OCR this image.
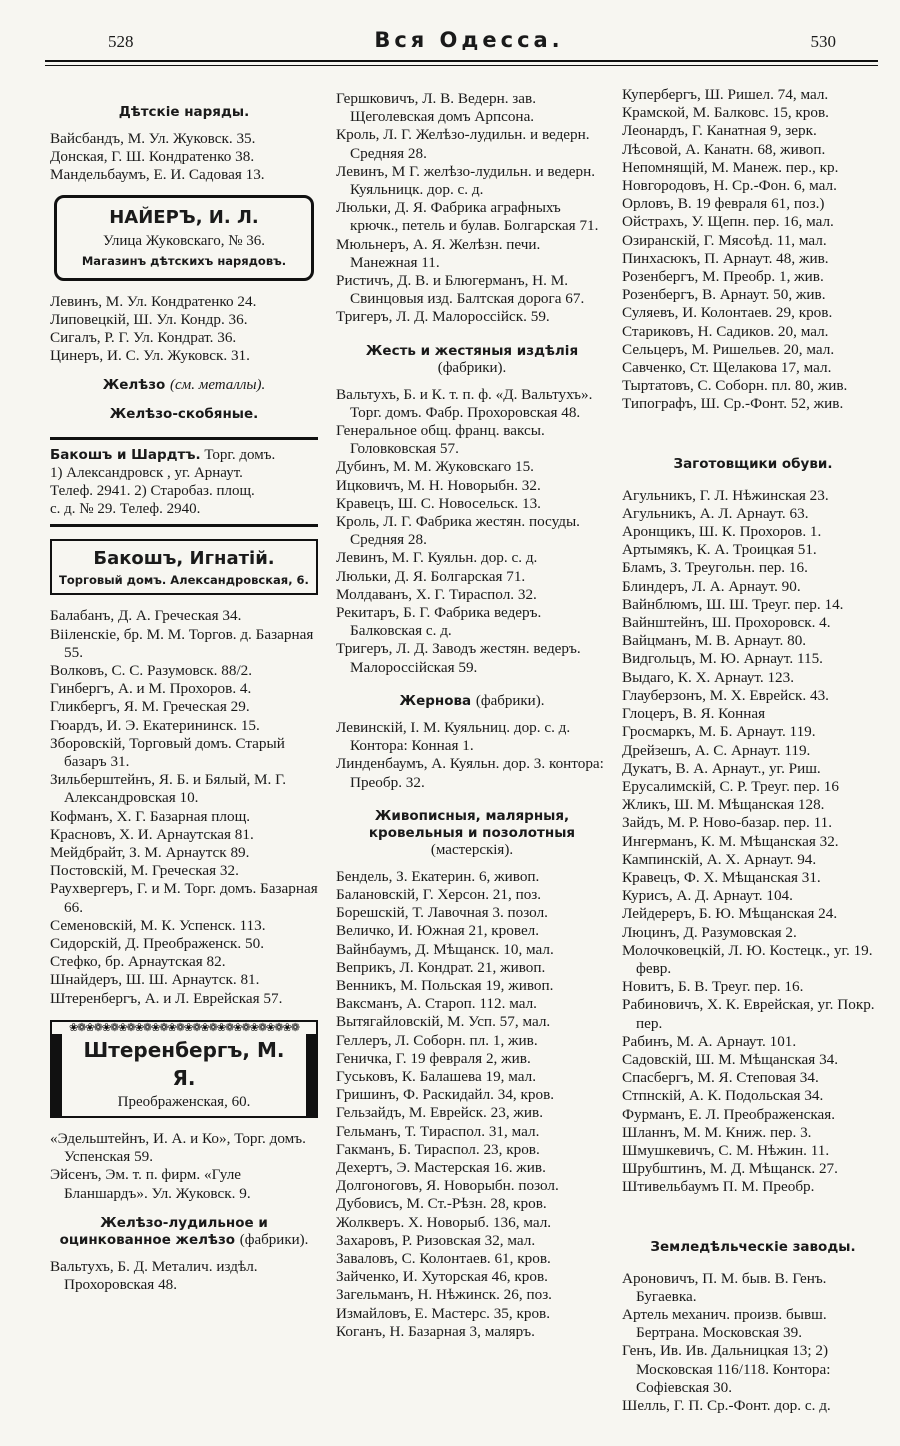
528	Вся Одесса.	530
Дѣтскіе наряды.
Вайсбандъ, М. Ул. Жуковск. 35.
Донская, Г. Ш. Кондратенко 38.
Мандельбаумъ, Е. И. Садовая 13.
НАЙЕРЪ, И. Л.
Улица Жуковскаго, № 36.
Магазинъ дѣтскихъ нарядовъ.
Левинъ, М. Ул. Кондратенко 24.
Липовецкій, Ш. Ул. Кондр. 36.
Сигалъ, Р. Г. Ул. Кондрат. 36.
Цинеръ, И. С. Ул. Жуковск. 31.
Желѣзо (см. металлы).
Желѣзо-скобяные.
Бакошъ и Шардтъ. Торг. домъ.
1) Александровск , уг. Арнаут.
Телеф. 2941. 2) Старобаз. площ.
с. д. № 29. Телеф. 2940.
Бакошъ, Игнатій.
Торговый домъ. Александровская, 6.
Балабанъ, Д. А. Греческая 34.
Вііленскіе, бр. М. М. Торгов. д. Базарная 55.
Волковъ, С. С. Разумовск. 88/2.
Гинбергъ, А. и М. Прохоров. 4.
Гликбергъ, Я. М. Греческая 29.
Гюардъ, И. Э. Екатерининск. 15.
Зборовскій, Торговый домъ. Старый базаръ 31.
Зильберштейнъ, Я. Б. и Бялый, М. Г. Александровская 10.
Кофманъ, Х. Г. Базарная площ.
Красновъ, Х. И. Арнаутская 81.
Мейдбрайт, З. М. Арнаутск 89.
Постовскій, М. Греческая 32.
Раухвергеръ, Г. и М. Торг. домъ. Базарная 66.
Семеновскій, М. К. Успенск. 113.
Сидорскій, Д. Преображенск. 50.
Стефко, бр. Арнаутская 82.
Шнайдеръ, Ш. Ш. Арнаутск. 81.
Штеренбергъ, А. и Л. Еврейская 57.
❀❁❀❁❀❁❀❁❀❁❀❁❀❁❀❁❀❁❀❁❀❁❀❁❀❁❀❁
Штеренбергъ, М. Я.
Преображенская, 60.
«Эдельштейнъ, И. А. и Ко», Торг. домъ. Успенская 59.
Эйсенъ, Эм. т. п. фирм. «Гуле Бланшардъ». Ул. Жуковск. 9.
Желѣзо-лудильное и оцинкованное желѣзо (фабрики).
Вальтухъ, Б. Д. Металич. издѣл. Прохоровская 48.
Гершковичъ, Л. В. Ведерн. зав. Щеголевская домъ Арпсона.
Кроль, Л. Г. Желѣзо-лудильн. и ведерн. Средняя 28.
Левинъ, М Г. желѣзо-лудильн. и ведерн. Куяльницк. дор. с. д.
Люльки, Д. Я. Фабрика аграфныхъ крючк., петель и булав. Болгарская 71.
Мюльнеръ, А. Я. Желѣзн. печи. Манежная 11.
Ристичъ, Д. В. и Блюгерманъ, Н. М. Свинцовыя изд. Балтская дорога 67.
Тригеръ, Л. Д. Малороссійск. 59.
Жесть и жестяныя издѣлія
(фабрики).
Вальтухъ, Б. и К. т. п. ф. «Д. Вальтухъ». Торг. домъ. Фабр. Прохоровская 48.
Генеральное общ. франц. ваксы. Головковская 57.
Дубинъ, М. М. Жуковскаго 15.
Ицковичъ, М. Н. Новорыбн. 32.
Кравецъ, Ш. С. Новосельск. 13.
Кроль, Л. Г. Фабрика жестян. посуды. Средняя 28.
Левинъ, М. Г. Куяльн. дор. с. д.
Люльки, Д. Я. Болгарская 71.
Молдаванъ, Х. Г. Тираспол. 32.
Рекитаръ, Б. Г. Фабрика ведеръ. Балковская с. д.
Тригеръ, Л. Д. Заводъ жестян. ведеръ. Малороссійская 59.
Жернова (фабрики).
Левинскій, І. М. Куяльниц. дор. с. д. Контора: Конная 1.
Линденбаумъ, А. Куяльн. дор. 3. контора: Преобр. 32.
Живописныя, малярныя, кровельныя и позолотныя (мастерскія).
Бендель, З. Екатерин. 6, живоп.
Балановскій, Г. Херсон. 21, поз.
Борешскій, Т. Лавочная 3. позол.
Величко, И. Южная 21, кровел.
Вайнбаумъ, Д. Мѣщанск. 10, мал.
Веприкъ, Л. Кондрат. 21, живоп.
Венникъ, М. Польская 19, живоп.
Вaксманъ, А. Староп. 112. мал.
Вытягайловскій, М. Усп. 57, мал.
Геллеръ, Л. Соборн. пл. 1, жив.
Геничка, Г. 19 февраля 2, жив.
Гуськовъ, К. Балашева 19, мал.
Гришинъ, Ф. Раскидайл. 34, кров.
Гельзайдъ, М. Еврейск. 23, жив.
Гельманъ, Т. Тираспол. 31, мал.
Гакманъ, Б. Тираспол. 23, кров.
Дехертъ, Э. Мастерская 16. жив.
Долгоноговъ, Я. Новорыбн. позол.
Дубовисъ, М. Ст.-Рѣзн. 28, кров.
Жолкверъ. Х. Новорыб. 136, мал.
Захаровъ, Р. Ризовская 32, мал.
Заваловъ, С. Колонтаев. 61, кров.
Зайченко, И. Хуторская 46, кров.
Загельманъ, Н. Нѣжинск. 26, поз.
Измайловъ, Е. Мастерс. 35, кров.
Коганъ, Н. Базарная 3, маляръ.
Купербергъ, Ш. Ришел. 74, мал.
Крамской, М. Балковс. 15, кров.
Леонардъ, Г. Канатная 9, зерк.
Лѣсовой, А. Канатн. 68, живоп.
Непомнящій, М. Манеж. пер., кр.
Новгородовъ, Н. Ср.-Фон. 6, мал.
Орловъ, В. 19 февраля 61, поз.)
Ойстрахъ, У. Щепн. пер. 16, мал.
Озиранскій, Г. Мясоѣд. 11, мал.
Пинхасюкъ, П. Арнаут. 48, жив.
Розенбергъ, М. Преобр. 1, жив.
Розенбергъ, В. Арнаут. 50, жив.
Суляевъ, И. Колонтаев. 29, кров.
Стариковъ, Н. Садиков. 20, мал.
Сельцеръ, М. Ришельев. 20, мал.
Савченко, Ст. Щелакова 17, мал.
Тыртатовъ, С. Соборн. пл. 80, жив.
Типографъ, Ш. Ср.-Фонт. 52, жив.
Заготовщики обуви.
Агульникъ, Г. Л. Нѣжинская 23.
Агульникъ, А. Л. Арнаут. 63.
Аронщикъ, Ш. К. Прохоров. 1.
Артымякъ, К. А. Троицкая 51.
Бламъ, З. Треугольн. пер. 16.
Блиндеръ, Л. А. Арнаут. 90.
Вайнблюмъ, Ш. Ш. Треуг. пер. 14.
Вайнштейнъ, Ш. Прохоровск. 4.
Вайцманъ, М. В. Арнаут. 80.
Видгольцъ, М. Ю. Арнаут. 115.
Выдаго, К. Х. Арнаут. 123.
Глауберзонъ, М. Х. Еврейск. 43.
Глоцеръ, В. Я. Конная
Гросмаркъ, М. Б. Арнаут. 119.
Дрейзешъ, А. С. Арнаут. 119.
Дукатъ, В. А. Арнаут., уг. Риш.
Ерусалимскій, С. Р. Треуг. пер. 16
Жликъ, Ш. М. Мѣщанская 128.
Зайдъ, М. Р. Ново-базар. пер. 11.
Ингерманъ, К. М. Мѣщанская 32.
Кампинскій, А. Х. Арнаут. 94.
Кравецъ, Ф. Х. Мѣщанская 31.
Курисъ, А. Д. Арнаут. 104.
Лейдерeръ, Б. Ю. Мѣщанская 24.
Люцинъ, Д. Разумовская 2.
Молочковецкій, Л. Ю. Костецк., уг. 19. февр.
Новитъ, Б. В. Треуг. пер. 16.
Рабиновичъ, Х. К. Еврейская, уг. Покр. пер.
Рабинъ, М. А. Арнаут. 101.
Садовскій, Ш. М. Мѣщанская 34.
Спасбергъ, М. Я. Степовая 34.
Стпнскій, А. К. Подольская 34.
Фурманъ, Е. Л. Преображенская.
Шланнъ, М. М. Книж. пер. 3.
Шмушкевичъ, С. М. Нѣжин. 11.
Шрубштинъ, М. Д. Мѣщанск. 27.
Штивельбаумъ П. М. Преобр.
Земледѣльческіе заводы.
Ароновичъ, П. М. быв. В. Генъ. Бугаевка.
Артель механич. произв. бывш. Бертрана. Московская 39.
Генъ, Ив. Ив. Дальницкая 13; 2) Московская 116/118. Контора: Софіевская 30.
Шелль, Г. П. Ср.-Фонт. дор. с. д.
